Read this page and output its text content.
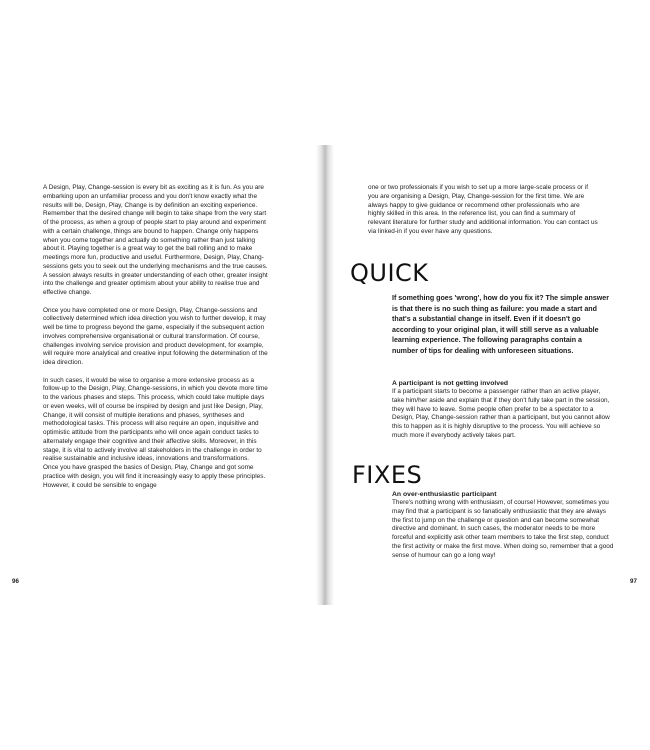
A Design, Play, Change-session is every bit as exciting as it is fun. As you are embarking upon an unfamiliar process and you don't know exactly what the results will be, Design, Play, Change is by definition an exciting experience. Remember that the desired change will begin to take shape from the very start of the process, as when a group of people start to play around and experiment with a certain challenge, things are bound to happen. Change only happens when you come together and actually do something rather than just talking about it. Playing together is a great way to get the ball rolling and to make meetings more fun, productive and useful. Furthermore, Design, Play, Chang-sessions gets you to seek out the underlying mechanisms and the true causes. A session always results in greater understanding of each other, greater insight into the challenge and greater optimism about your ability to realise true and effective change.

Once you have completed one or more Design, Play, Change-sessions and collectively determined which idea direction you wish to further develop, it may well be time to progress beyond the game, especially if the subsequent action involves comprehensive organisational or cultural transformation. Of course, challenges involving service provision and product development, for example, will require more analytical and creative input following the determination of the idea direction.

In such cases, it would be wise to organise a more extensive process as a follow-up to the Design, Play, Change-sessions, in which you devote more time to the various phases and steps. This process, which could take multiple days or even weeks, will of course be inspired by design and just like Design, Play, Change, it will consist of multiple iterations and phases, syntheses and methodological tasks. This process will also require an open, inquisitive and optimistic attitude from the participants who will once again conduct tasks to alternately engage their cognitive and their affective skills. Moreover, in this stage, it is vital to actively involve all stakeholders in the challenge in order to realise sustainable and inclusive ideas, innovations and transformations.

Once you have grasped the basics of Design, Play, Change and got some practice with design, you will find it increasingly easy to apply these principles. However, it could be sensible to engage

96
one or two professionals if you wish to set up a more large-scale process or if you are organising a Design, Play, Change-session for the first time. We are always happy to give guidance or recommend other professionals who are highly skilled in this area. In the reference list, you can find a summary of relevant literature for further study and additional information. You can contact us via linked-in if you ever have any questions.
QUICK
If something goes 'wrong', how do you fix it? The simple answer is that there is no such thing as failure: you made a start and that's a substantial change in itself. Even if it doesn't go according to your original plan, it will still serve as a valuable learning experience. The following paragraphs contain a number of tips for dealing with unforeseen situations.
A participant is not getting involved
If a participant starts to become a passenger rather than an active player, take him/her aside and explain that if they don't fully take part in the session, they will have to leave. Some people often prefer to be a spectator to a Design, Play, Change-session rather than a participant, but you cannot allow this to happen as it is highly disruptive to the process. You will achieve so much more if everybody actively takes part.
FIXES
An over-enthusiastic participant
There's nothing wrong with enthusiasm, of course! However, sometimes you may find that a participant is so fanatically enthusiastic that they are always the first to jump on the challenge or question and can become somewhat directive and dominant. In such cases, the moderator needs to be more forceful and explicitly ask other team members to take the first step, conduct the first activity or make the first move. When doing so, remember that a good sense of humour can go a long way!
97
